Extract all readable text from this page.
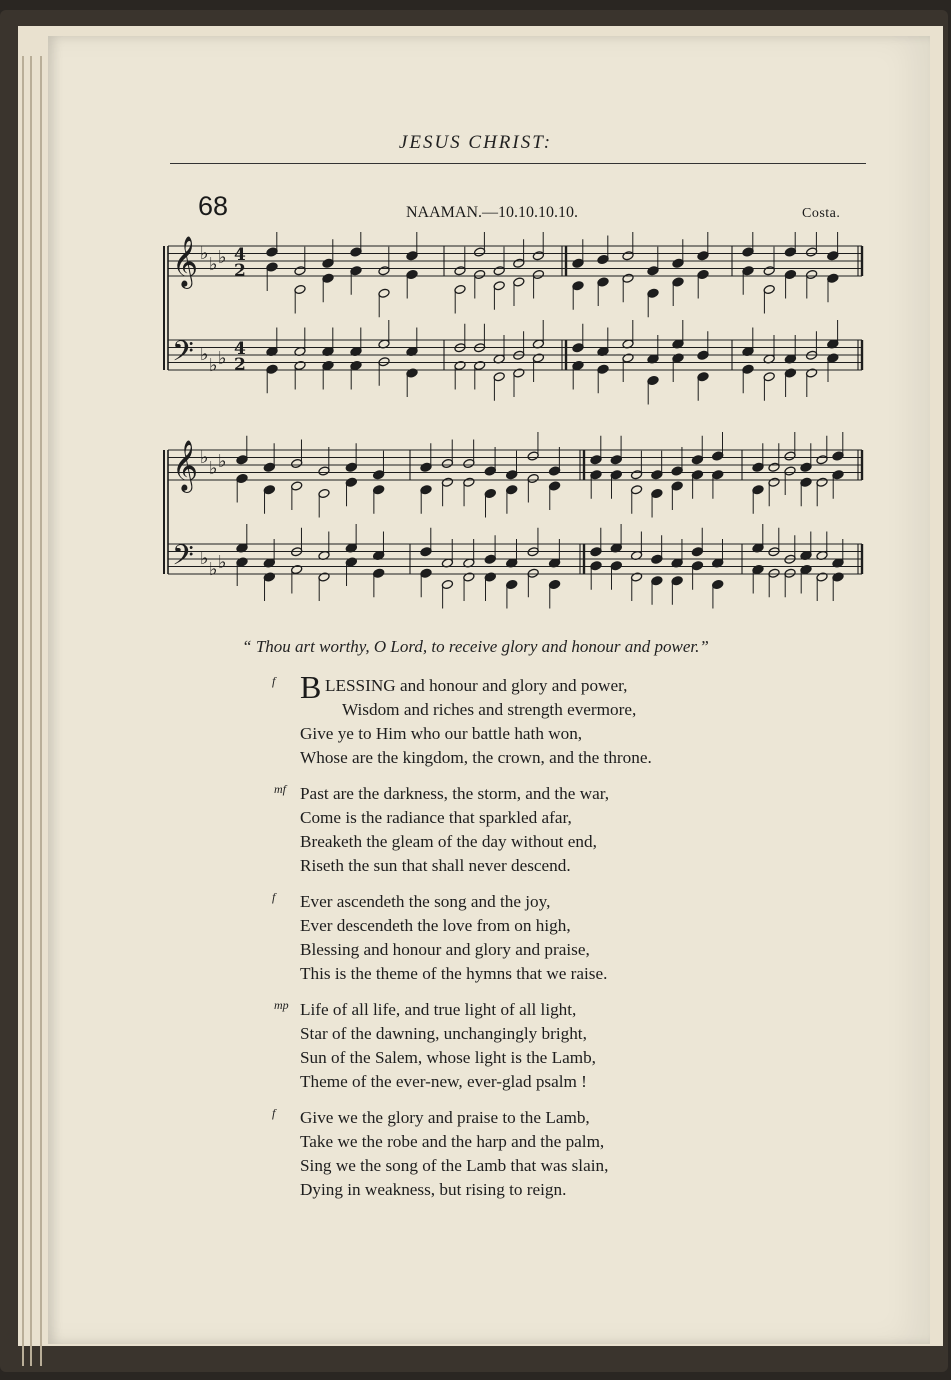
JESUS CHRIST:
68	NAAMAN.—10.10.10.10.	Costa.
𝄞
𝄢
♭
♭
♭
♭
♭
♭
4
2
4
2
𝄞
𝄢
♭
♭
♭
♭
♭
♭
“ Thou art worthy, O Lord, to receive glory and honour and power.”
f B LESSING and honour and glory and power,
Wisdom and riches and strength evermore,
Give ye to Him who our battle hath won,
Whose are the kingdom, the crown, and the throne.
mf Past are the darkness, the storm, and the war,
Come is the radiance that sparkled afar,
Breaketh the gleam of the day without end,
Riseth the sun that shall never descend.
f	Ever ascendeth the song and the joy,
Ever descendeth the love from on high,
Blessing and honour and glory and praise,
This is the theme of the hymns that we raise.
mp Life of all life, and true light of all light,
Star of the dawning, unchangingly bright,
Sun of the Salem, whose light is the Lamb,
Theme of the ever-new, ever-glad psalm !
f	Give we the glory and praise to the Lamb,
Take we the robe and the harp and the palm,
Sing we the song of the Lamb that was slain,
Dying in weakness, but rising to reign.
